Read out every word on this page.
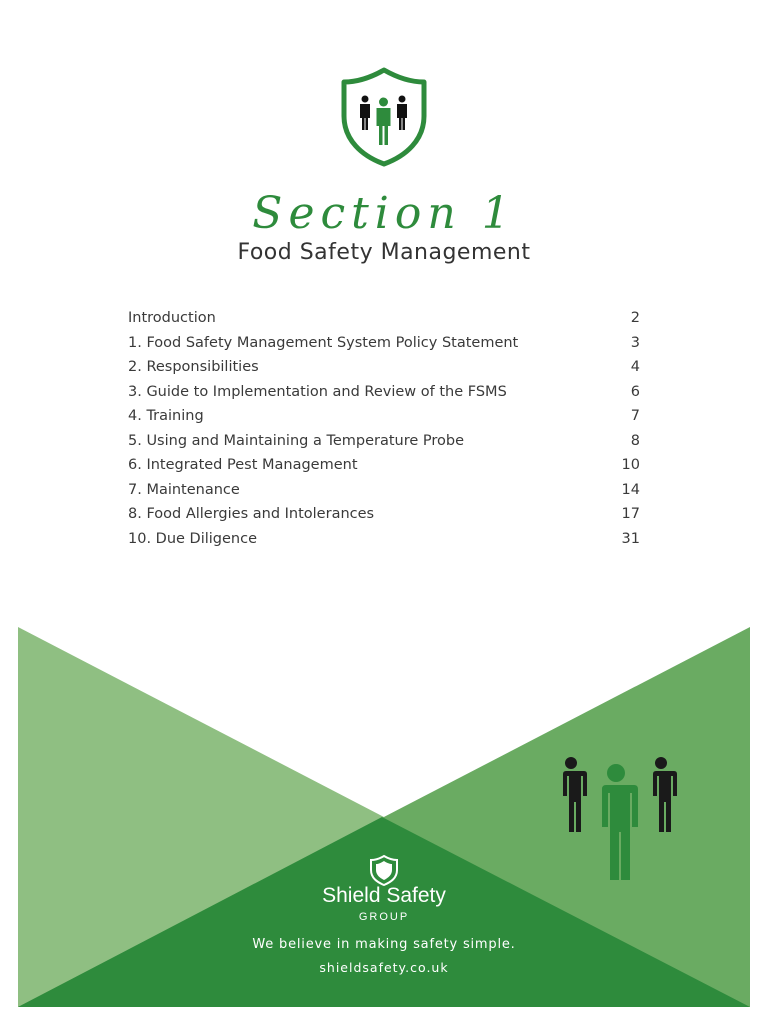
Section 1
Food Safety Management
Introduction	2
1. Food Safety Management System Policy Statement	3
2. Responsibilities	4
3. Guide to Implementation and Review of the FSMS	6
4. Training	7
5. Using and Maintaining a Temperature Probe	8
6. Integrated Pest Management	10
7. Maintenance	14
8. Food Allergies and Intolerances	17
10. Due Diligence	31
Shield Safety
GROUP
We believe in making safety simple.
shieldsafety.co.uk
